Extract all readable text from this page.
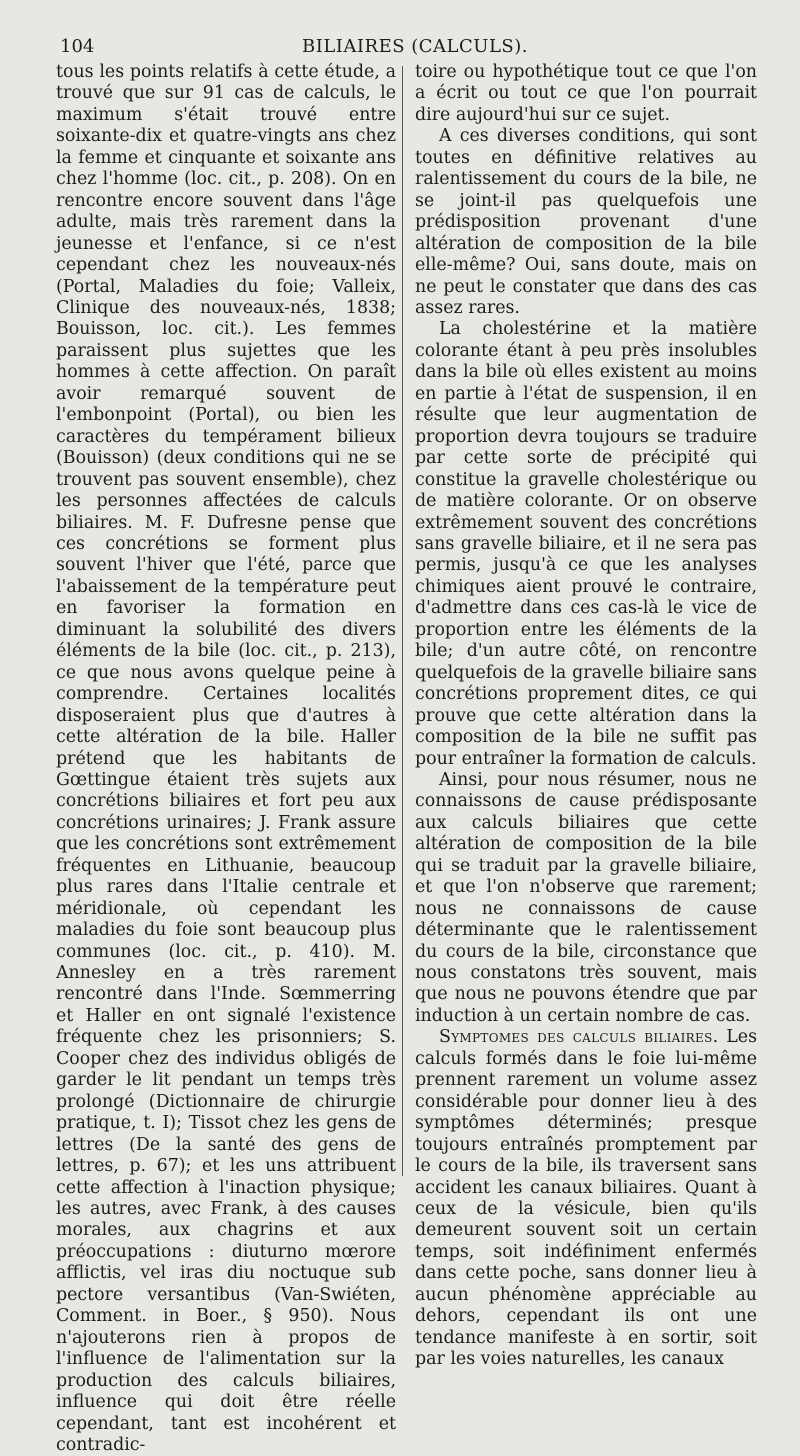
104	BILIAIRES (CALCULS).

tous les points relatifs à cette étude, a trouvé que sur 91 cas de calculs, le maximum s'était trouvé entre soixante-dix et quatre-vingts ans chez la femme et cinquante et soixante ans chez l'homme (loc. cit., p. 208). On en rencontre encore souvent dans l'âge adulte, mais très rarement dans la jeunesse et l'enfance, si ce n'est cependant chez les nouveaux-nés (Portal, Maladies du foie; Valleix, Clinique des nouveaux-nés, 1838; Bouisson, loc. cit.). Les femmes paraissent plus sujettes que les hommes à cette affection. On paraît avoir remarqué souvent de l'embonpoint (Portal), ou bien les caractères du tempérament bilieux (Bouisson) (deux conditions qui ne se trouvent pas souvent ensemble), chez les personnes affectées de calculs biliaires. M. F. Dufresne pense que ces concrétions se forment plus souvent l'hiver que l'été, parce que l'abaissement de la température peut en favoriser la formation en diminuant la solubilité des divers éléments de la bile (loc. cit., p. 213), ce que nous avons quelque peine à comprendre. Certaines localités disposeraient plus que d'autres à cette altération de la bile. Haller prétend que les habitants de Gœttingue étaient très sujets aux concrétions biliaires et fort peu aux concrétions urinaires; J. Frank assure que les concrétions sont extrêmement fréquentes en Lithuanie, beaucoup plus rares dans l'Italie centrale et méridionale, où cependant les maladies du foie sont beaucoup plus communes (loc. cit., p. 410). M. Annesley en a très rarement rencontré dans l'Inde. Sœmmerring et Haller en ont signalé l'existence fréquente chez les prisonniers; S. Cooper chez des individus obligés de garder le lit pendant un temps très prolongé (Dictionnaire de chirurgie pratique, t. I); Tissot chez les gens de lettres (De la santé des gens de lettres, p. 67); et les uns attribuent cette affection à l'inaction physique; les autres, avec Frank, à des causes morales, aux chagrins et aux préoccupations : diuturno mœrore afflictis, vel iras diu noctuque sub pectore versantibus (Van-Swiéten, Comment. in Boer., § 950). Nous n'ajouterons rien à propos de l'influence de l'alimentation sur la production des calculs biliaires, influence qui doit être réelle cependant, tant est incohérent et contradic-

toire ou hypothétique tout ce que l'on a écrit ou tout ce que l'on pourrait dire aujourd'hui sur ce sujet.

A ces diverses conditions, qui sont toutes en définitive relatives au ralentissement du cours de la bile, ne se joint-il pas quelquefois une prédisposition provenant d'une altération de composition de la bile elle-même? Oui, sans doute, mais on ne peut le constater que dans des cas assez rares.

La cholestérine et la matière colorante étant à peu près insolubles dans la bile où elles existent au moins en partie à l'état de suspension, il en résulte que leur augmentation de proportion devra toujours se traduire par cette sorte de précipité qui constitue la gravelle cholestérique ou de matière colorante. Or on observe extrêmement souvent des concrétions sans gravelle biliaire, et il ne sera pas permis, jusqu'à ce que les analyses chimiques aient prouvé le contraire, d'admettre dans ces cas-là le vice de proportion entre les éléments de la bile; d'un autre côté, on rencontre quelquefois de la gravelle biliaire sans concrétions proprement dites, ce qui prouve que cette altération dans la composition de la bile ne suffit pas pour entraîner la formation de calculs.

Ainsi, pour nous résumer, nous ne connaissons de cause prédisposante aux calculs biliaires que cette altération de composition de la bile qui se traduit par la gravelle biliaire, et que l'on n'observe que rarement; nous ne connaissons de cause déterminante que le ralentissement du cours de la bile, circonstance que nous constatons très souvent, mais que nous ne pouvons étendre que par induction à un certain nombre de cas.

Symptomes des calculs biliaires. Les calculs formés dans le foie lui-même prennent rarement un volume assez considérable pour donner lieu à des symptômes déterminés; presque toujours entraînés promptement par le cours de la bile, ils traversent sans accident les canaux biliaires. Quant à ceux de la vésicule, bien qu'ils demeurent souvent soit un certain temps, soit indéfiniment enfermés dans cette poche, sans donner lieu à aucun phénomène appréciable au dehors, cependant ils ont une tendance manifeste à en sortir, soit par les voies naturelles, les canaux
